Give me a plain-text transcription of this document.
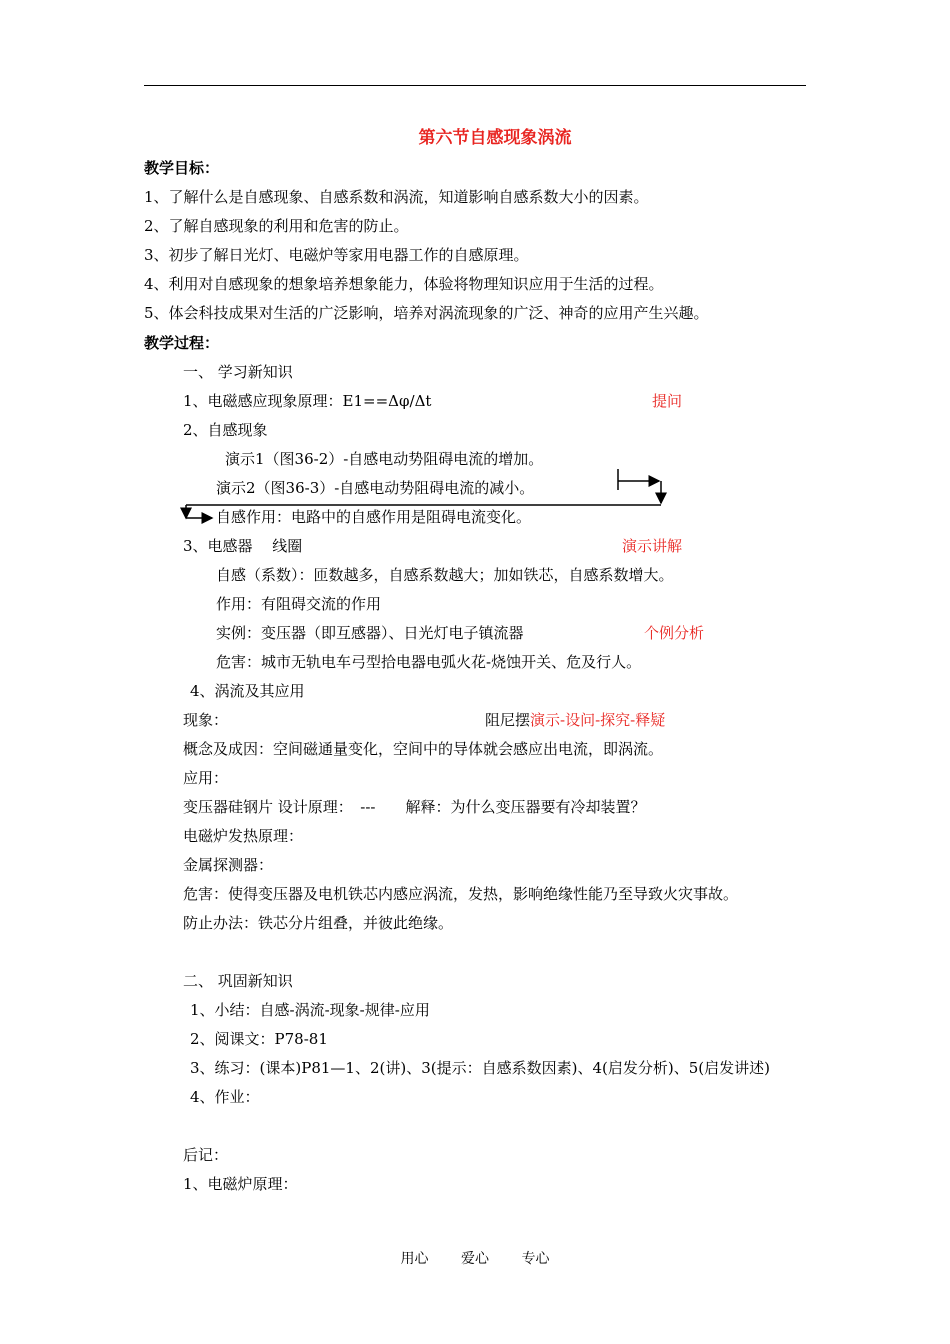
第六节自感现象涡流
教学目标：
1、了解什么是自感现象、自感系数和涡流，知道影响自感系数大小的因素。
2、了解自感现象的利用和危害的防止。
3、初步了解日光灯、电磁炉等家用电器工作的自感原理。
4、利用对自感现象的想象培养想象能力，体验将物理知识应用于生活的过程。
5、体会科技成果对生活的广泛影响，培养对涡流现象的广泛、神奇的应用产生兴趣。
教学过程：
一、 学习新知识
1、电磁感应现象原理：E1==Δφ/Δt	提问
2、自感现象
演示1（图36-2）-自感电动势阻碍电流的增加。
演示2（图36-3）-自感电动势阻碍电流的减小。
自感作用：电路中的自感作用是阻碍电流变化。
3、电感器　 线圈	演示讲解
自感（系数）：匝数越多，自感系数越大；加如铁芯，自感系数增大。
作用：有阻碍交流的作用
实例：变压器（即互感器）、日光灯电子镇流器	个例分析
危害：城市无轨电车弓型拾电器电弧火花-烧蚀开关、危及行人。
4、涡流及其应用
现象：	阻尼摆演示-设问-探究-释疑
概念及成因：空间磁通量变化，空间中的导体就会感应出电流，即涡流。
应用：
变压器硅钢片 设计原理：　---　　解释：为什么变压器要有冷却装置？
电磁炉发热原理：
金属探测器：
危害：使得变压器及电机铁芯内感应涡流，发热，影响绝缘性能乃至导致火灾事故。
防止办法：铁芯分片组叠，并彼此绝缘。
二、 巩固新知识
1、小结：自感-涡流-现象-规律-应用
2、阅课文：P78-81
3、练习：(课本)P81—1、2(讲)、3(提示：自感系数因素)、4(启发分析)、5(启发讲述)
4、作业：
后记：
1、电磁炉原理：
用心 爱心 专心
